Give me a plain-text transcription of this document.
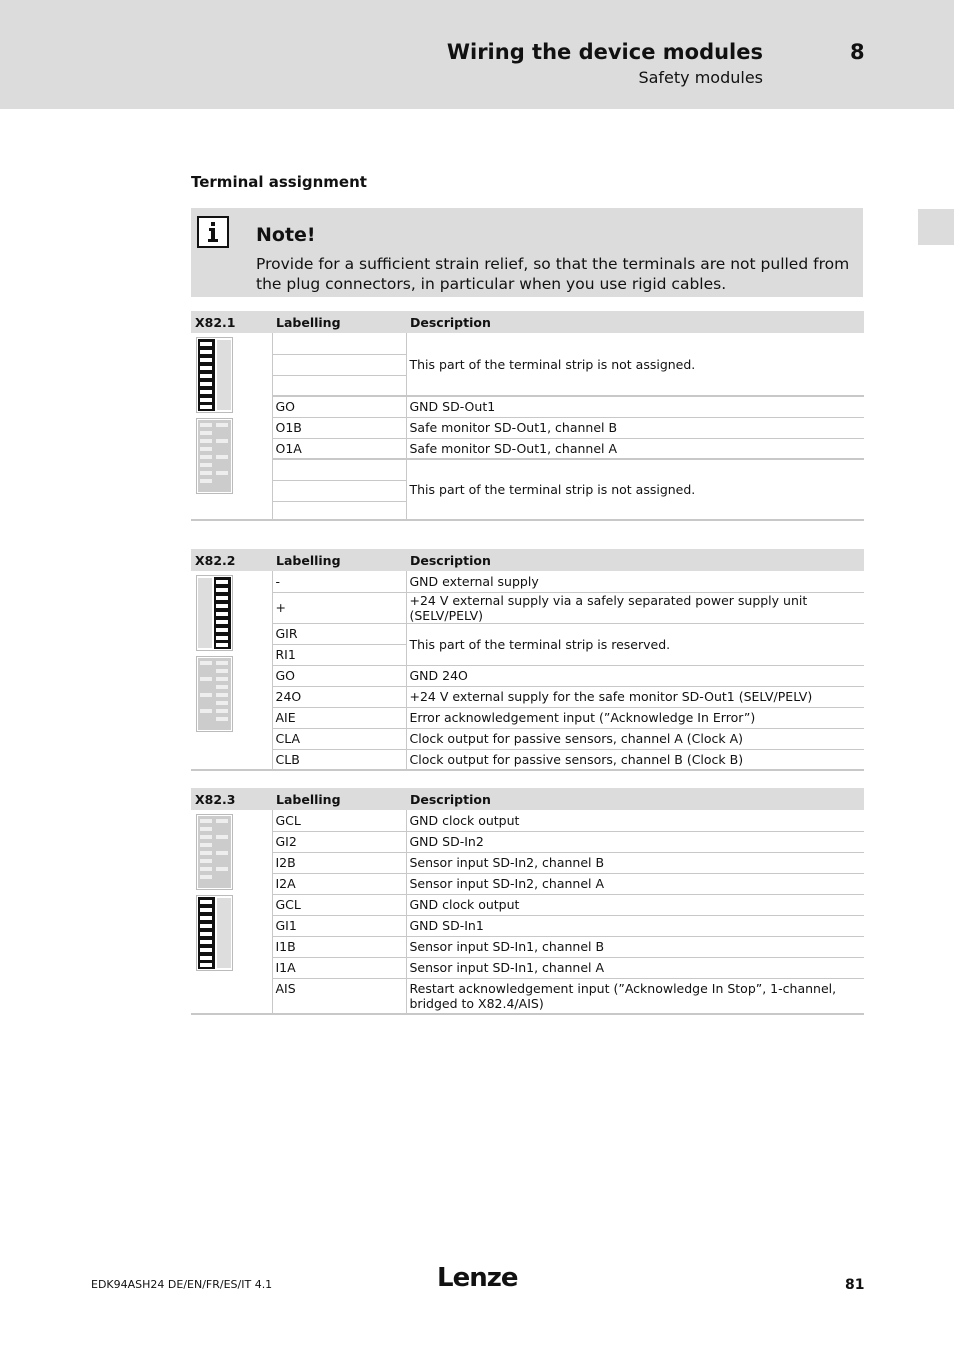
Wiring the device modules	8
Safety modules
Terminal assignment
Note!
Provide for a sufficient strain relief, so that the terminals are not pulled from the plug connectors, in particular when you use rigid cables.
X82.1	Labelling	Description

		This part of the terminal strip is not assigned.

	GO	GND SD-Out1
	O1B	Safe monitor SD-Out1, channel B
	O1A	Safe monitor SD-Out1, channel A
		This part of the terminal strip is not assigned.

X82.2	Labelling	Description

	-	GND external supply
	+	+24 V external supply via a safely separated power supply unit (SELV/PELV)
	GIR	This part of the terminal strip is reserved.
	RI1	
	GO	GND 24O
	24O	+24 V external supply for the safe monitor SD-Out1 (SELV/PELV)
	AIE	Error acknowledgement input (”Acknowledge In Error”)
	CLA	Clock output for passive sensors, channel A (Clock A)
	CLB	Clock output for passive sensors, channel B (Clock B)
X82.3	Labelling	Description

	GCL	GND clock output
	GI2	GND SD-In2
	I2B	Sensor input SD-In2, channel B
	I2A	Sensor input SD-In2, channel A
	GCL	GND clock output
	GI1	GND SD-In1
	I1B	Sensor input SD-In1, channel B
	I1A	Sensor input SD-In1, channel A
	AIS	Restart acknowledgement input (”Acknowledge In Stop”, 1-channel, bridged to X82.4/AIS)
EDK94ASH24 DE/EN/FR/ES/IT 4.1	Lenze	81
